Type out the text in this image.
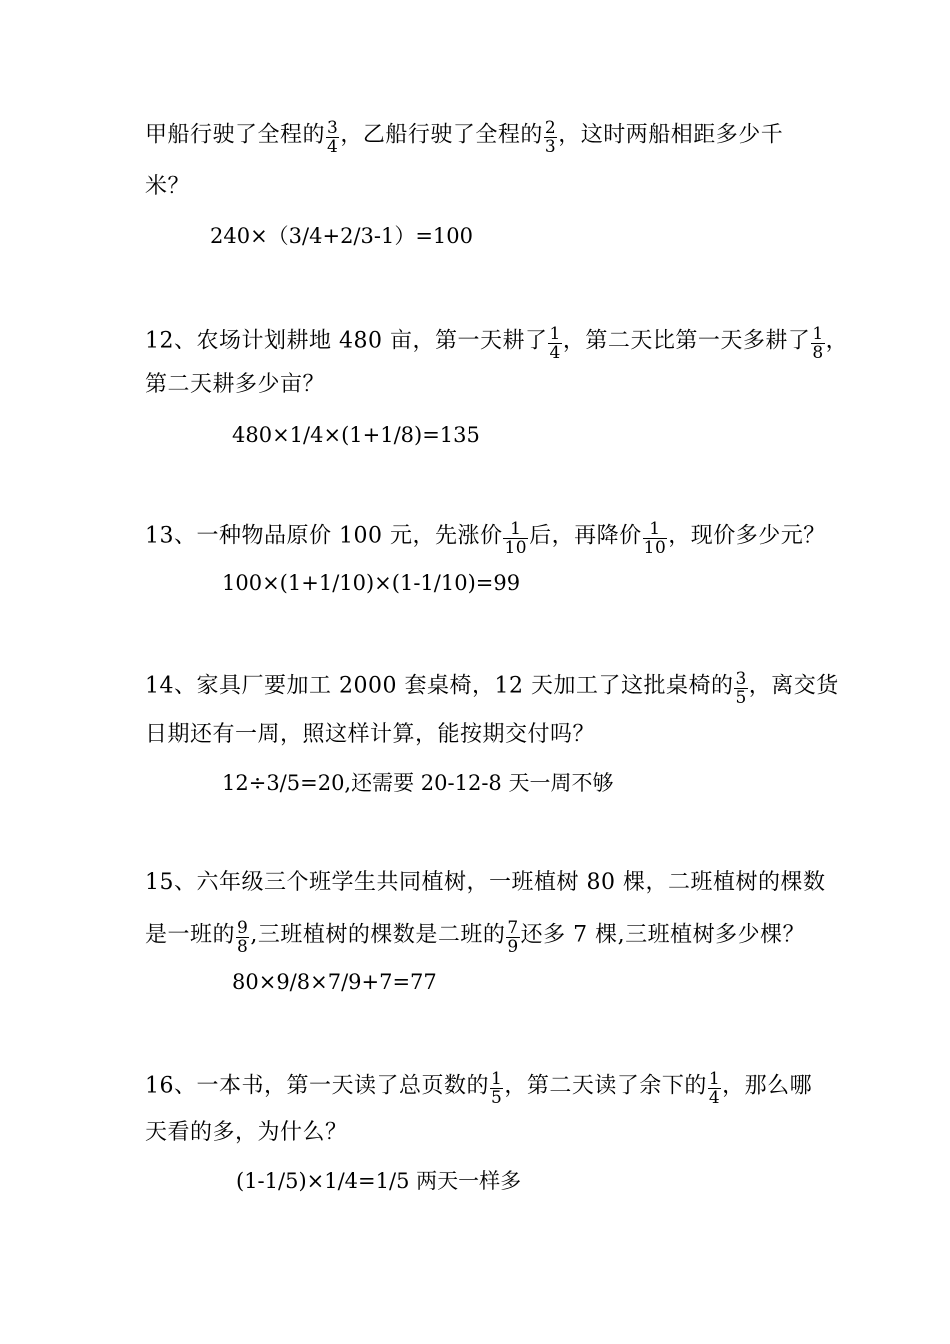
甲船行驶了全程的 $\frac{3}{4}$ ，乙船行驶了全程的 $\frac{2}{3}$ ，这时两船相距多少千
米？
240×（3/4+2/3-1）=100
12、农场计划耕地 480 亩，第一天耕了 $\frac{1}{4}$ ，第二天比第一天多耕了 $\frac{1}{8}$ ，
第二天耕多少亩？
480×1/4×(1+1/8)=135
13、一种物品原价 100 元，先涨价 $\frac{1}{10}$ 后，再降价 $\frac{1}{10}$ ，现价多少元？
100×(1+1/10)×(1-1/10)=99
14、家具厂要加工 2000 套桌椅，12 天加工了这批桌椅的 $\frac{3}{5}$ ，离交货
日期还有一周，照这样计算，能按期交付吗？
12÷3/5=20,还需要 20-12-8 天一周不够
15、六年级三个班学生共同植树，一班植树 80 棵，二班植树的棵数
是一班的 $\frac{9}{8}$ ,三班植树的棵数是二班的 $\frac{7}{9}$ 还多 7 棵,三班植树多少棵？
80×9/8×7/9+7=77
16、一本书，第一天读了总页数的 $\frac{1}{5}$ ，第二天读了余下的 $\frac{1}{4}$ ，那么哪
天看的多，为什么？
(1-1/5)×1/4=1/5 两天一样多
